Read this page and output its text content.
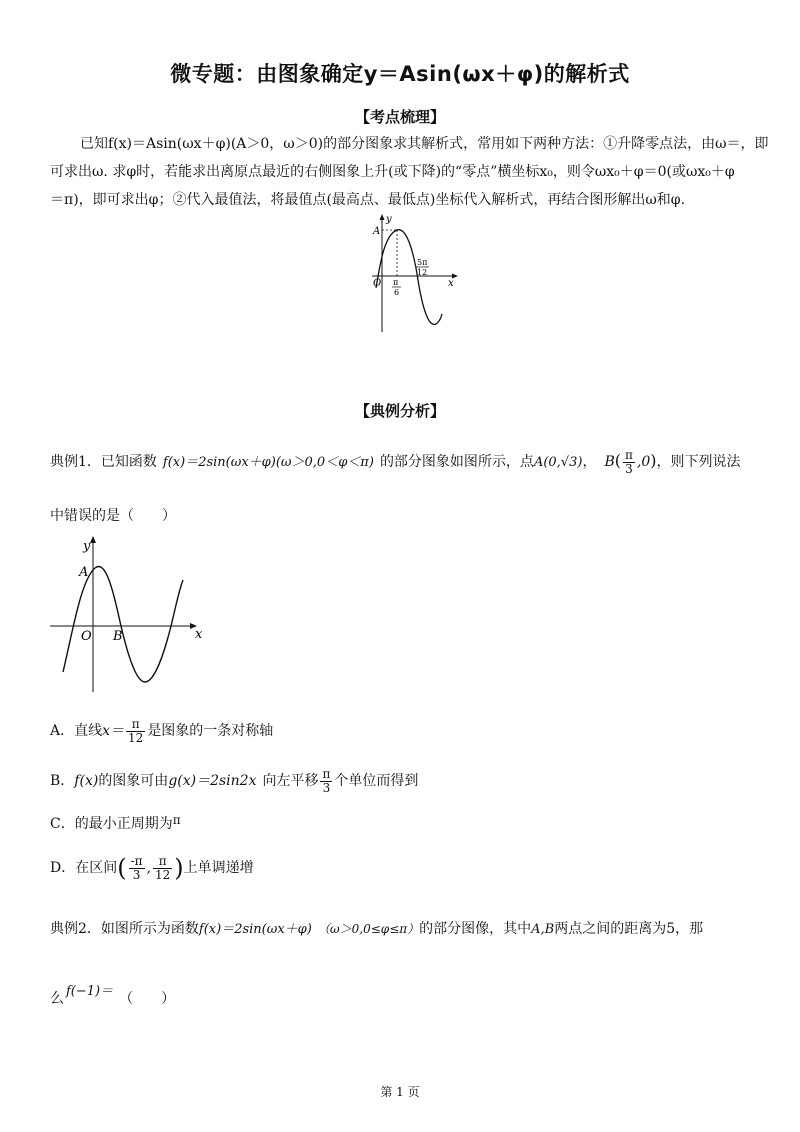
微专题：由图象确定y＝Asin(ωx＋φ)的解析式
【考点梳理】
已知f(x)＝Asin(ωx＋φ)(A＞0，ω＞0)的部分图象求其解析式，常用如下两种方法：①升降零点法，由ω＝，即
可求出ω. 求φ时，若能求出离原点最近的右侧图象上升(或下降)的“零点”横坐标x₀，则令ωx₀＋φ＝0(或ωx₀＋φ
＝π)，即可求出φ；②代入最值法，将最值点(最高点、最低点)坐标代入解析式，再结合图形解出ω和φ.
A
y
x
O π
6
5π
12
【典例分析】
典例1．已知函数 f(x)＝2sin(ωx＋φ)(ω＞0,0＜φ＜π) 的部分图象如图所示，点A(0,√3)， $B( \frac{\pi}{3} ,0)$，则下列说法
中错误的是（　　）
y
A
O B	x
A．直线$x= \frac{\pi}{12}$ 是图象的一条对称轴
B．f(x)的图象可由g(x)＝2sin2x 向左平移 $\frac{\pi}{3}$ 个单位而得到
C．的最小正周期为π
D．在区间( $\frac{-\pi}{3}$ , $\frac{\pi}{12}$ )上单调递增
典例2．如图所示为函数f(x)＝2sin(ωx＋φ) （ω＞0,0≤φ≤π）的部分图像，其中A,B两点之间的距离为5，那
么 f(−1)＝ （　　）
第 1 页
